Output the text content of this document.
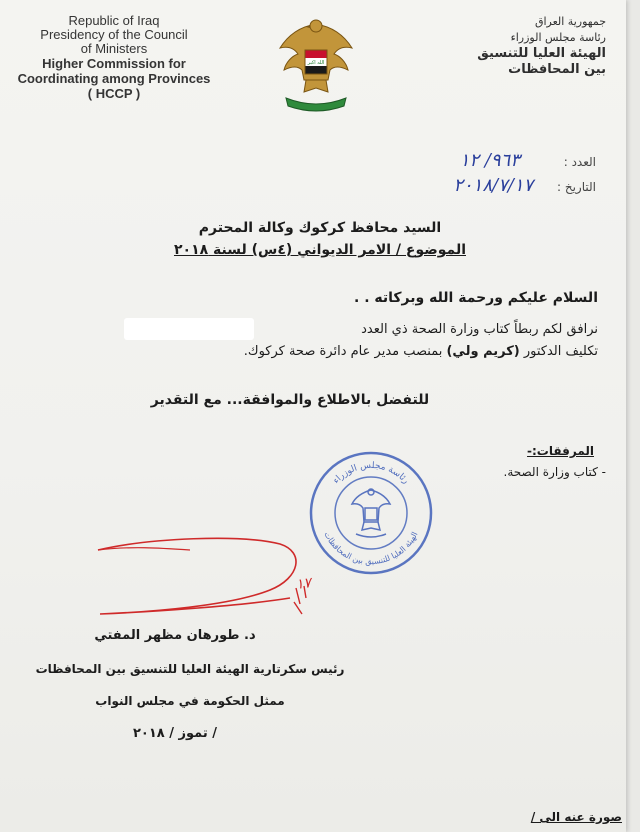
Republic of Iraq
Presidency of the Council
of Ministers
Higher Commission for
Coordinating among Provinces
( HCCP )
الله اكبر
جمهورية العراق
رئاسة مجلس الوزراء
الهيئة العليا للتنسيق
بين المحافظات
العدد : ٩٦٣/ ١٢
التاريخ : ٢٠١٨/٧/١٧
السيد محافظ كركوك وكالة المحترم
الموضوع / الامر الديواني (٤س) لسنة ٢٠١٨
السلام عليكم ورحمة الله وبركاته . .
نرافق لكم ربطاً كتاب وزارة الصحة ذي العدد
تكليف الدكتور (كريم ولي) بمنصب مدير عام دائرة صحة كركوك.
للتفضل بالاطلاع والموافقة... مع التقدير
المرفقات:-
- كتاب وزارة الصحة.
رئاسة مجلس الوزراء
الهيئة العليا للتنسيق بين المحافظات
١٧
د. طورهان مظهر المفتي
رئيس سكرتارية الهيئة العليا للتنسيق بين المحافظات
ممثل الحكومة في مجلس النواب
/ تموز / ٢٠١٨
صورة عنه الى /
